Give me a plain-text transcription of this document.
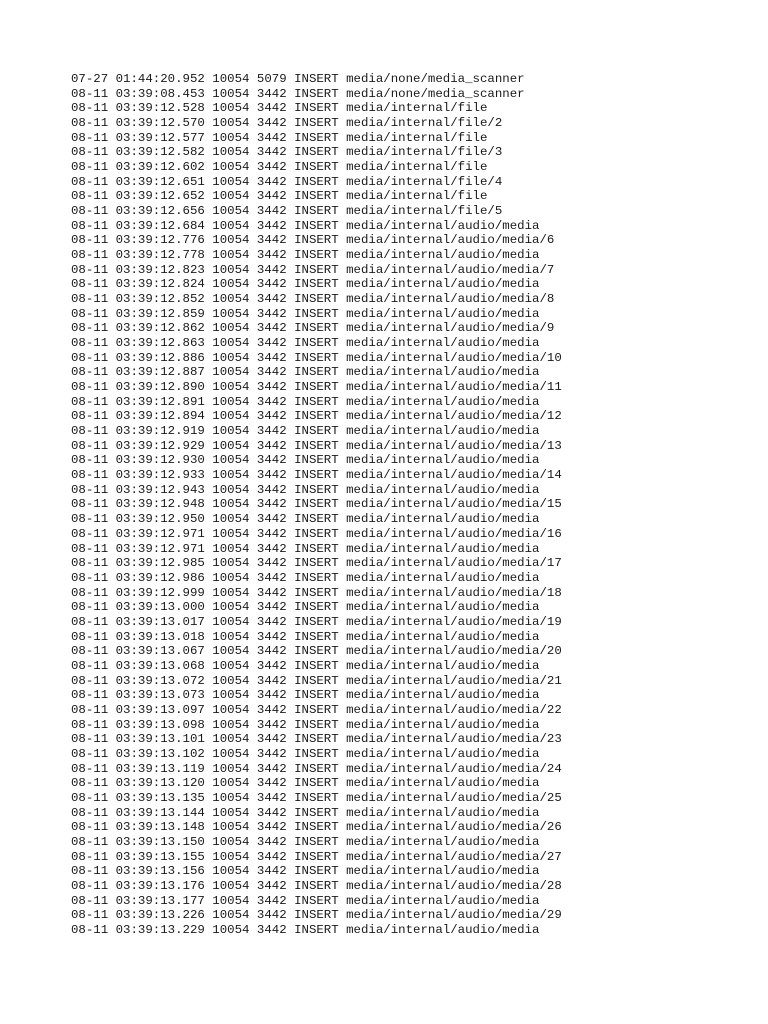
07-27 01:44:20.952 10054 5079 INSERT media/none/media_scanner
08-11 03:39:08.453 10054 3442 INSERT media/none/media_scanner
08-11 03:39:12.528 10054 3442 INSERT media/internal/file
08-11 03:39:12.570 10054 3442 INSERT media/internal/file/2
08-11 03:39:12.577 10054 3442 INSERT media/internal/file
08-11 03:39:12.582 10054 3442 INSERT media/internal/file/3
08-11 03:39:12.602 10054 3442 INSERT media/internal/file
08-11 03:39:12.651 10054 3442 INSERT media/internal/file/4
08-11 03:39:12.652 10054 3442 INSERT media/internal/file
08-11 03:39:12.656 10054 3442 INSERT media/internal/file/5
08-11 03:39:12.684 10054 3442 INSERT media/internal/audio/media
08-11 03:39:12.776 10054 3442 INSERT media/internal/audio/media/6
08-11 03:39:12.778 10054 3442 INSERT media/internal/audio/media
08-11 03:39:12.823 10054 3442 INSERT media/internal/audio/media/7
08-11 03:39:12.824 10054 3442 INSERT media/internal/audio/media
08-11 03:39:12.852 10054 3442 INSERT media/internal/audio/media/8
08-11 03:39:12.859 10054 3442 INSERT media/internal/audio/media
08-11 03:39:12.862 10054 3442 INSERT media/internal/audio/media/9
08-11 03:39:12.863 10054 3442 INSERT media/internal/audio/media
08-11 03:39:12.886 10054 3442 INSERT media/internal/audio/media/10
08-11 03:39:12.887 10054 3442 INSERT media/internal/audio/media
08-11 03:39:12.890 10054 3442 INSERT media/internal/audio/media/11
08-11 03:39:12.891 10054 3442 INSERT media/internal/audio/media
08-11 03:39:12.894 10054 3442 INSERT media/internal/audio/media/12
08-11 03:39:12.919 10054 3442 INSERT media/internal/audio/media
08-11 03:39:12.929 10054 3442 INSERT media/internal/audio/media/13
08-11 03:39:12.930 10054 3442 INSERT media/internal/audio/media
08-11 03:39:12.933 10054 3442 INSERT media/internal/audio/media/14
08-11 03:39:12.943 10054 3442 INSERT media/internal/audio/media
08-11 03:39:12.948 10054 3442 INSERT media/internal/audio/media/15
08-11 03:39:12.950 10054 3442 INSERT media/internal/audio/media
08-11 03:39:12.971 10054 3442 INSERT media/internal/audio/media/16
08-11 03:39:12.971 10054 3442 INSERT media/internal/audio/media
08-11 03:39:12.985 10054 3442 INSERT media/internal/audio/media/17
08-11 03:39:12.986 10054 3442 INSERT media/internal/audio/media
08-11 03:39:12.999 10054 3442 INSERT media/internal/audio/media/18
08-11 03:39:13.000 10054 3442 INSERT media/internal/audio/media
08-11 03:39:13.017 10054 3442 INSERT media/internal/audio/media/19
08-11 03:39:13.018 10054 3442 INSERT media/internal/audio/media
08-11 03:39:13.067 10054 3442 INSERT media/internal/audio/media/20
08-11 03:39:13.068 10054 3442 INSERT media/internal/audio/media
08-11 03:39:13.072 10054 3442 INSERT media/internal/audio/media/21
08-11 03:39:13.073 10054 3442 INSERT media/internal/audio/media
08-11 03:39:13.097 10054 3442 INSERT media/internal/audio/media/22
08-11 03:39:13.098 10054 3442 INSERT media/internal/audio/media
08-11 03:39:13.101 10054 3442 INSERT media/internal/audio/media/23
08-11 03:39:13.102 10054 3442 INSERT media/internal/audio/media
08-11 03:39:13.119 10054 3442 INSERT media/internal/audio/media/24
08-11 03:39:13.120 10054 3442 INSERT media/internal/audio/media
08-11 03:39:13.135 10054 3442 INSERT media/internal/audio/media/25
08-11 03:39:13.144 10054 3442 INSERT media/internal/audio/media
08-11 03:39:13.148 10054 3442 INSERT media/internal/audio/media/26
08-11 03:39:13.150 10054 3442 INSERT media/internal/audio/media
08-11 03:39:13.155 10054 3442 INSERT media/internal/audio/media/27
08-11 03:39:13.156 10054 3442 INSERT media/internal/audio/media
08-11 03:39:13.176 10054 3442 INSERT media/internal/audio/media/28
08-11 03:39:13.177 10054 3442 INSERT media/internal/audio/media
08-11 03:39:13.226 10054 3442 INSERT media/internal/audio/media/29
08-11 03:39:13.229 10054 3442 INSERT media/internal/audio/media
